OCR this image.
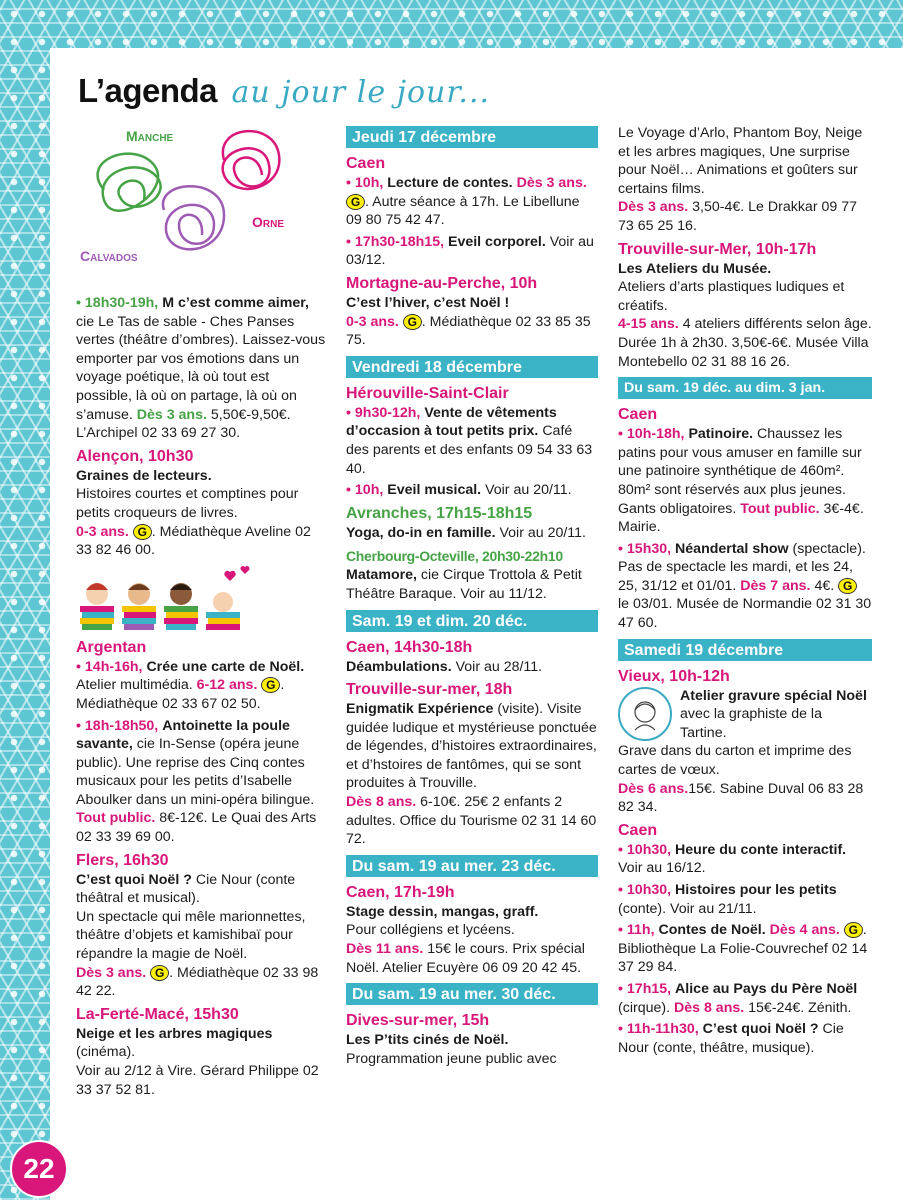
L’agenda au jour le jour...
Manche
Orne
Calvados
• 18h30-19h, M c’est comme aimer, cie Le Tas de sable - Ches Panses vertes (théâtre d’ombres). Laissez-vous emporter par vos émotions dans un voyage poétique, là où tout est possible, là où on partage, là où on s’amuse. Dès 3 ans. 5,50€-9,50€. L’Archipel 02 33 69 27 30.
Alençon, 10h30
Graines de lecteurs.
Histoires courtes et comptines pour petits croqueurs de livres.
0-3 ans. G . Médiathèque Aveline 02 33 82 46 00.
Argentan
• 14h-16h, Crée une carte de Noël. Atelier multimédia. 6-12 ans. G . Médiathèque 02 33 67 02 50.
• 18h-18h50, Antoinette la poule savante, cie In-Sense (opéra jeune public). Une reprise des Cinq contes musicaux pour les petits d’Isabelle Aboulker dans un mini-opéra bilingue. Tout public. 8€-12€. Le Quai des Arts 02 33 39 69 00.
Flers, 16h30
C’est quoi Noël ? Cie Nour (conte théâtral et musical).
Un spectacle qui mêle marionnettes, théâtre d’objets et kamishibaï pour répandre la magie de Noël.
Dès 3 ans. G . Médiathèque 02 33 98 42 22.
La-Ferté-Macé, 15h30
Neige et les arbres magiques (cinéma).
Voir au 2/12 à Vire. Gérard Philippe 02 33 37 52 81.
Jeudi 17 décembre
Caen
• 10h, Lecture de contes. Dès 3 ans. G . Autre séance à 17h. Le Libellune 09 80 75 42 47.
• 17h30-18h15, Eveil corporel. Voir au 03/12.
Mortagne-au-Perche, 10h
C’est l’hiver, c’est Noël !
0-3 ans. G . Médiathèque 02 33 85 35 75.
Vendredi 18 décembre
Hérouville-Saint-Clair
• 9h30-12h, Vente de vêtements d’occasion à tout petits prix. Café des parents et des enfants 09 54 33 63 40.
• 10h, Eveil musical. Voir au 20/11.
Avranches, 17h15-18h15
Yoga, do-in en famille. Voir au 20/11.
Cherbourg-Octeville, 20h30-22h10
Matamore, cie Cirque Trottola & Petit Théâtre Baraque. Voir au 11/12.
Sam. 19 et dim. 20 déc.
Caen, 14h30-18h
Déambulations. Voir au 28/11.
Trouville-sur-mer, 18h
Enigmatik Expérience (visite). Visite guidée ludique et mystérieuse ponctuée de légendes, d’histoires extraordinaires, et d’hstoires de fantômes, qui se sont produites à Trouville.
Dès 8 ans. 6-10€. 25€ 2 enfants 2 adultes. Office du Tourisme 02 31 14 60 72.
Du sam. 19 au mer. 23 déc.
Caen, 17h-19h
Stage dessin, mangas, graff.
Pour collégiens et lycéens.
Dès 11 ans. 15€ le cours. Prix spécial Noël. Atelier Ecuyère 06 09 20 42 45.
Du sam. 19 au mer. 30 déc.
Dives-sur-mer, 15h
Les P’tits cinés de Noël.
Programmation jeune public avec
Le Voyage d’Arlo, Phantom Boy, Neige et les arbres magiques, Une surprise pour Noël… Animations et goûters sur certains films.
Dès 3 ans. 3,50-4€. Le Drakkar 09 77 73 65 25 16.
Trouville-sur-Mer, 10h-17h
Les Ateliers du Musée.
Ateliers d’arts plastiques ludiques et créatifs.
4-15 ans. 4 ateliers différents selon âge. Durée 1h à 2h30. 3,50€-6€. Musée Villa Montebello 02 31 88 16 26.
Du sam. 19 déc. au dim. 3 jan.
Caen
• 10h-18h, Patinoire. Chaussez les patins pour vous amuser en famille sur une patinoire synthétique de 460m². 80m² sont réservés aux plus jeunes. Gants obligatoires. Tout public. 3€-4€. Mairie.
• 15h30, Néandertal show (spectacle). Pas de spectacle les mardi, et les 24, 25, 31/12 et 01/01. Dès 7 ans. 4€. G le 03/01. Musée de Normandie 02 31 30 47 60.
Samedi 19 décembre
Vieux, 10h-12h
Atelier gravure spécial Noël avec la graphiste de la Tartine.
Grave dans du carton et imprime des cartes de vœux.
Dès 6 ans.15€. Sabine Duval 06 83 28 82 34.
Caen
• 10h30, Heure du conte interactif. Voir au 16/12.
• 10h30, Histoires pour les petits (conte). Voir au 21/11.
• 11h, Contes de Noël. Dès 4 ans. G . Bibliothèque La Folie-Couvrechef 02 14 37 29 84.
• 17h15, Alice au Pays du Père Noël (cirque). Dès 8 ans. 15€-24€. Zénith.
• 11h-11h30, C’est quoi Noël ? Cie Nour (conte, théâtre, musique).
22
